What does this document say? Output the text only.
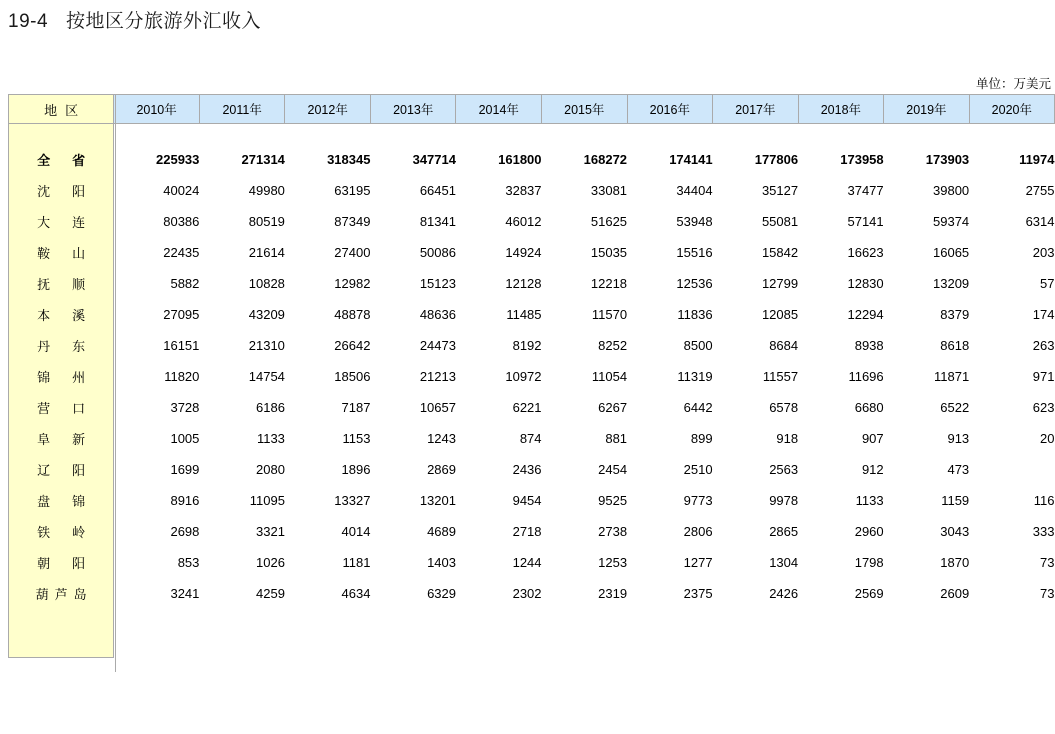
19-4 按地区分旅游外汇收入
单位：万美元
地区	2010年	2011年	2012年	2013年	2014年	2015年	2016年	2017年	2018年	2019年	2020年

全省	225933	271314	318345	347714	161800	168272	174141	177806	173958	173903	11974
沈阳	40024	49980	63195	66451	32837	33081	34404	35127	37477	39800	2755
大连	80386	80519	87349	81341	46012	51625	53948	55081	57141	59374	6314
鞍山	22435	21614	27400	50086	14924	15035	15516	15842	16623	16065	203
抚顺	5882	10828	12982	15123	12128	12218	12536	12799	12830	13209	57
本溪	27095	43209	48878	48636	11485	11570	11836	12085	12294	8379	174
丹东	16151	21310	26642	24473	8192	8252	8500	8684	8938	8618	263
锦州	11820	14754	18506	21213	10972	11054	11319	11557	11696	11871	971
营口	3728	6186	7187	10657	6221	6267	6442	6578	6680	6522	623
阜新	1005	1133	1153	1243	874	881	899	918	907	913	20
辽阳	1699	2080	1896	2869	2436	2454	2510	2563	912	473	
盘锦	8916	11095	13327	13201	9454	9525	9773	9978	1133	1159	116
铁岭	2698	3321	4014	4689	2718	2738	2806	2865	2960	3043	333
朝阳	853	1026	1181	1403	1244	1253	1277	1304	1798	1870	73
葫芦岛	3241	4259	4634	6329	2302	2319	2375	2426	2569	2609	73
